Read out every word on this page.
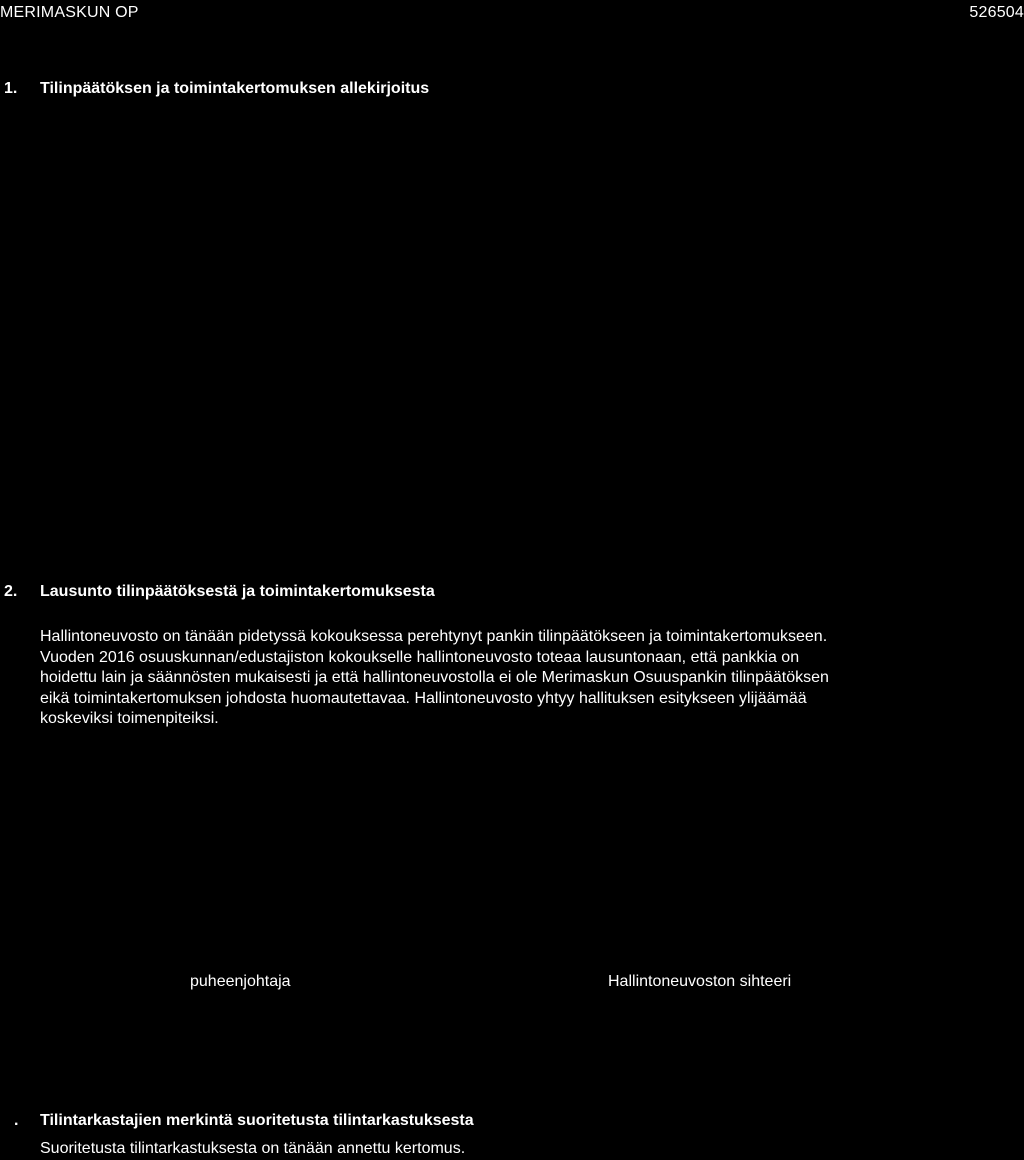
MERIMASKUN OP	526504
1. Tilinpäätöksen ja toimintakertomuksen allekirjoitus
2. Lausunto tilinpäätöksestä ja toimintakertomuksesta
Hallintoneuvosto on tänään pidetyssä kokouksessa perehtynyt pankin tilinpäätökseen ja toimintakertomukseen.
Vuoden 2016 osuuskunnan/edustajiston kokoukselle hallintoneuvosto toteaa lausuntonaan, että pankkia on
hoidettu lain ja säännösten mukaisesti ja että hallintoneuvostolla ei ole Merimaskun Osuuspankin tilinpäätöksen
eikä toimintakertomuksen johdosta huomautettavaa. Hallintoneuvosto yhtyy hallituksen esitykseen ylijäämää
koskeviksi toimenpiteiksi.
puheenjohtaja	Hallintoneuvoston sihteeri
. Tilintarkastajien merkintä suoritetusta tilintarkastuksesta
Suoritetusta tilintarkastuksesta on tänään annettu kertomus.
